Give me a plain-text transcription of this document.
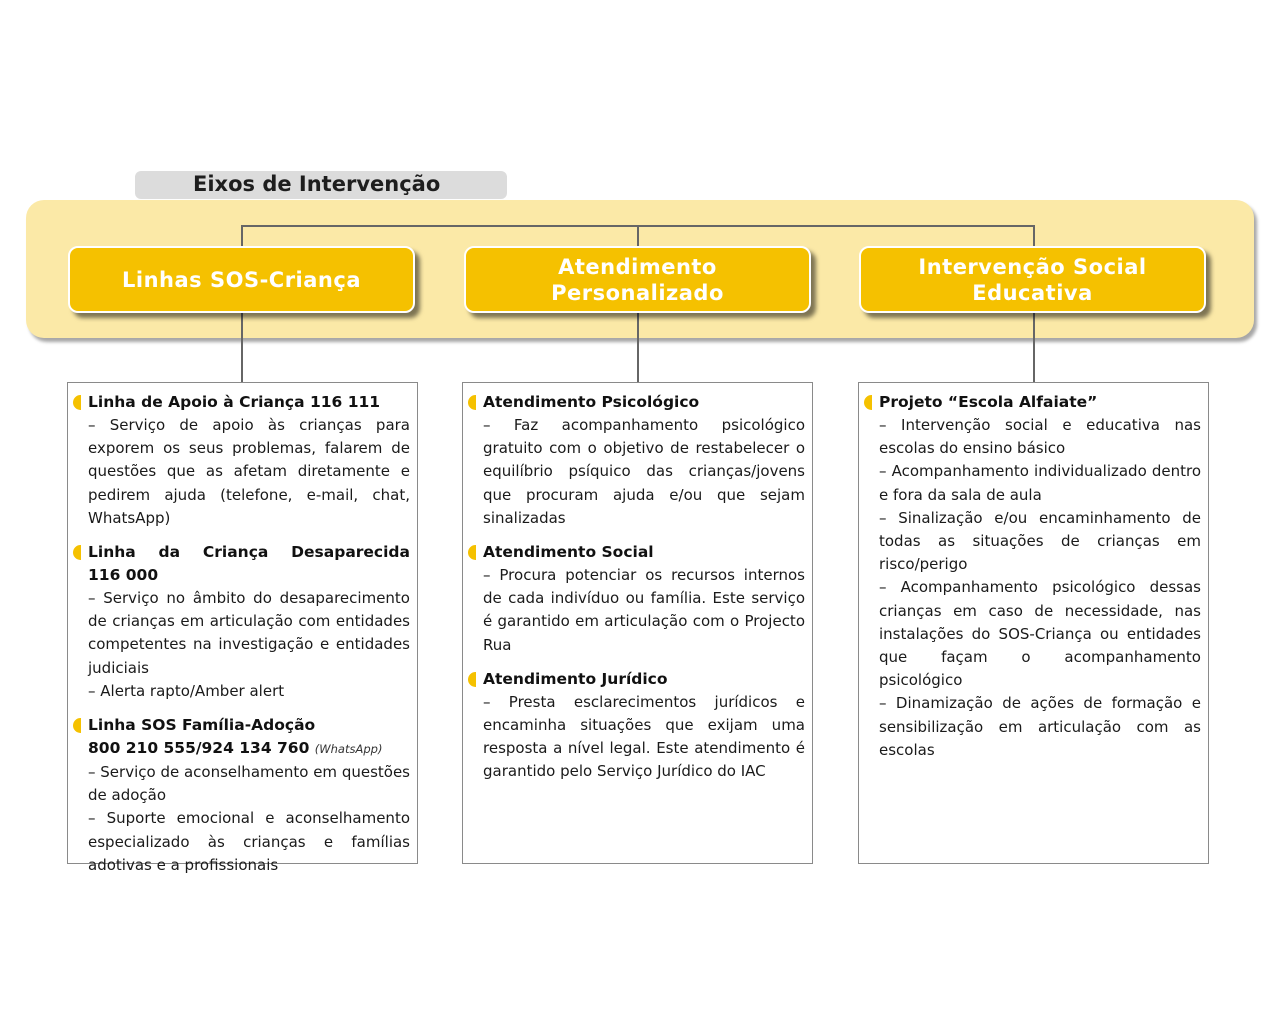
Eixos de Intervenção
Linhas SOS-Criança
Atendimento
Personalizado
Intervenção Social
Educativa
Linha de Apoio à Criança 116 111
– Serviço de apoio às crianças para exporem os seus problemas, falarem de questões que as afetam diretamente e pedirem ajuda (telefone, e-mail, chat, WhatsApp)
Linha da Criança Desaparecida
116 000
– Serviço no âmbito do desaparecimento de crianças em articulação com entidades competentes na investigação e entidades judiciais
– Alerta rapto/Amber alert
Linha SOS Família-Adoção
800 210 555/924 134 760 (WhatsApp)
– Serviço de aconselhamento em questões de adoção
– Suporte emocional e aconselhamento especializado às crianças e famílias adotivas e a profissionais
Atendimento Psicológico
– Faz acompanhamento psicológico gratuito com o objetivo de restabelecer o equilíbrio psíquico das crianças/jovens que procuram ajuda e/ou que sejam sinalizadas
Atendimento Social
– Procura potenciar os recursos internos de cada indivíduo ou família. Este serviço é garantido em articulação com o Projecto Rua
Atendimento Jurídico
– Presta esclarecimentos jurídicos e encaminha situações que exijam uma resposta a nível legal. Este atendimento é garantido pelo Serviço Jurídico do IAC
Projeto “Escola Alfaiate”
– Intervenção social e educativa nas escolas do ensino básico
– Acompanhamento individualizado dentro e fora da sala de aula
– Sinalização e/ou encaminhamento de todas as situações de crianças em risco/perigo
– Acompanhamento psicológico dessas crianças em caso de necessidade, nas instalações do SOS-Criança ou entidades que façam o acompanhamento psicológico
– Dinamização de ações de formação e sensibilização em articulação com as escolas
